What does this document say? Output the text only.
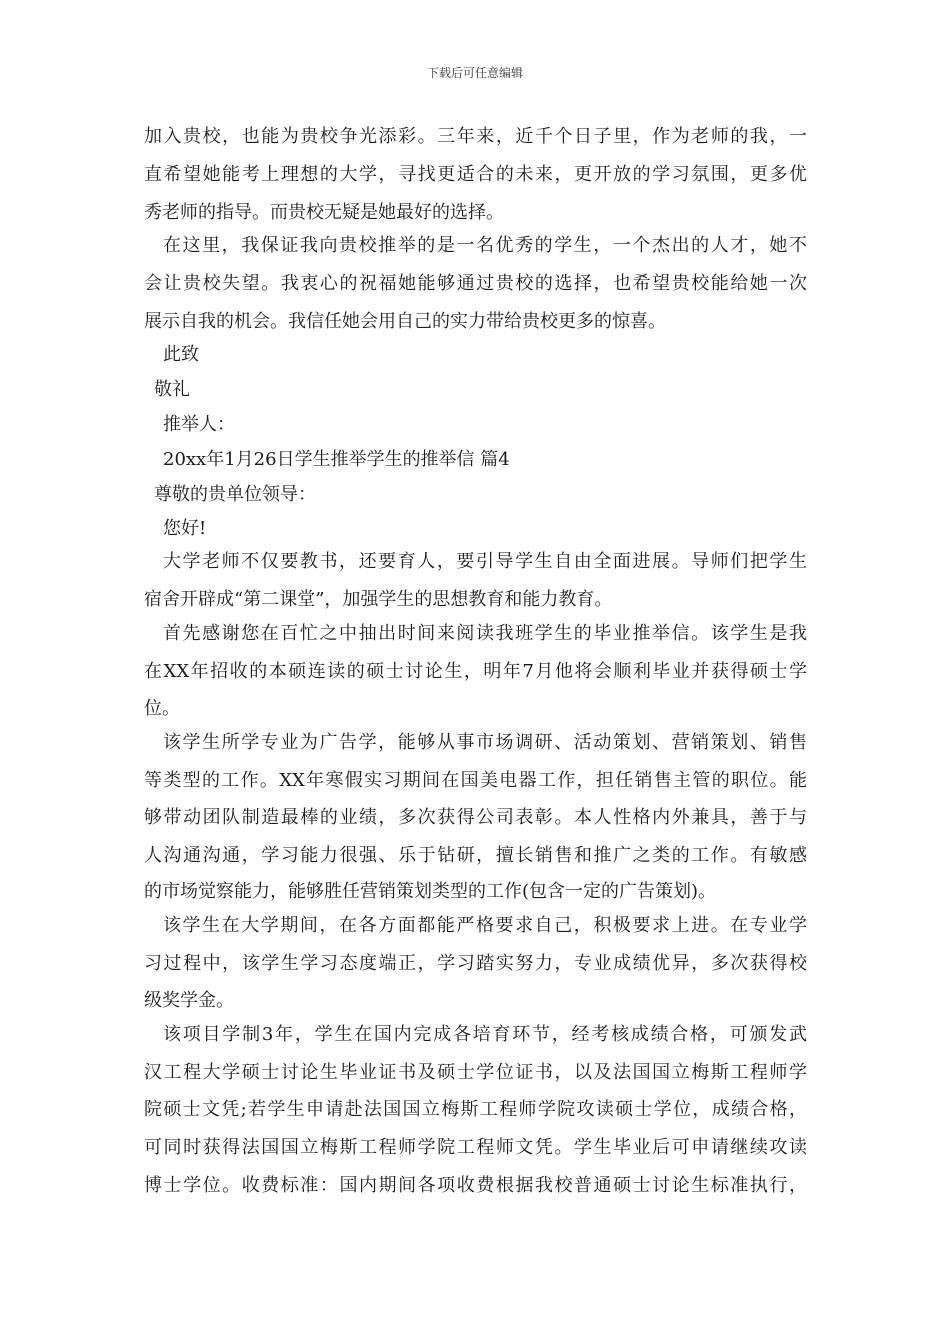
下载后可任意编辑
加入贵校，也能为贵校争光添彩。三年来，近千个日子里，作为老师的我，一
直希望她能考上理想的大学，寻找更适合的未来，更开放的学习氛围，更多优
秀老师的指导。而贵校无疑是她最好的选择。
在这里，我保证我向贵校推举的是一名优秀的学生，一个杰出的人才，她不
会让贵校失望。我衷心的祝福她能够通过贵校的选择，也希望贵校能给她一次
展示自我的机会。我信任她会用自己的实力带给贵校更多的惊喜。
此致
敬礼
推举人：
20xx年1月26日学生推举学生的推举信 篇4
尊敬的贵单位领导：
您好!
大学老师不仅要教书，还要育人，要引导学生自由全面进展。导师们把学生
宿舍开辟成“第二课堂”，加强学生的思想教育和能力教育。
首先感谢您在百忙之中抽出时间来阅读我班学生的毕业推举信。该学生是我
在XX年招收的本硕连读的硕士讨论生，明年7月他将会顺利毕业并获得硕士学
位。
该学生所学专业为广告学，能够从事市场调研、活动策划、营销策划、销售
等类型的工作。XX年寒假实习期间在国美电器工作，担任销售主管的职位。能
够带动团队制造最棒的业绩，多次获得公司表彰。本人性格内外兼具，善于与
人沟通沟通，学习能力很强、乐于钻研，擅长销售和推广之类的工作。有敏感
的市场觉察能力，能够胜任营销策划类型的工作(包含一定的广告策划)。
该学生在大学期间，在各方面都能严格要求自己，积极要求上进。在专业学
习过程中，该学生学习态度端正，学习踏实努力，专业成绩优异，多次获得校
级奖学金。
该项目学制3年，学生在国内完成各培育环节，经考核成绩合格，可颁发武
汉工程大学硕士讨论生毕业证书及硕士学位证书，以及法国国立梅斯工程师学
院硕士文凭;若学生申请赴法国国立梅斯工程师学院攻读硕士学位，成绩合格，
可同时获得法国国立梅斯工程师学院工程师文凭。学生毕业后可申请继续攻读
博士学位。收费标准：国内期间各项收费根据我校普通硕士讨论生标准执行，
